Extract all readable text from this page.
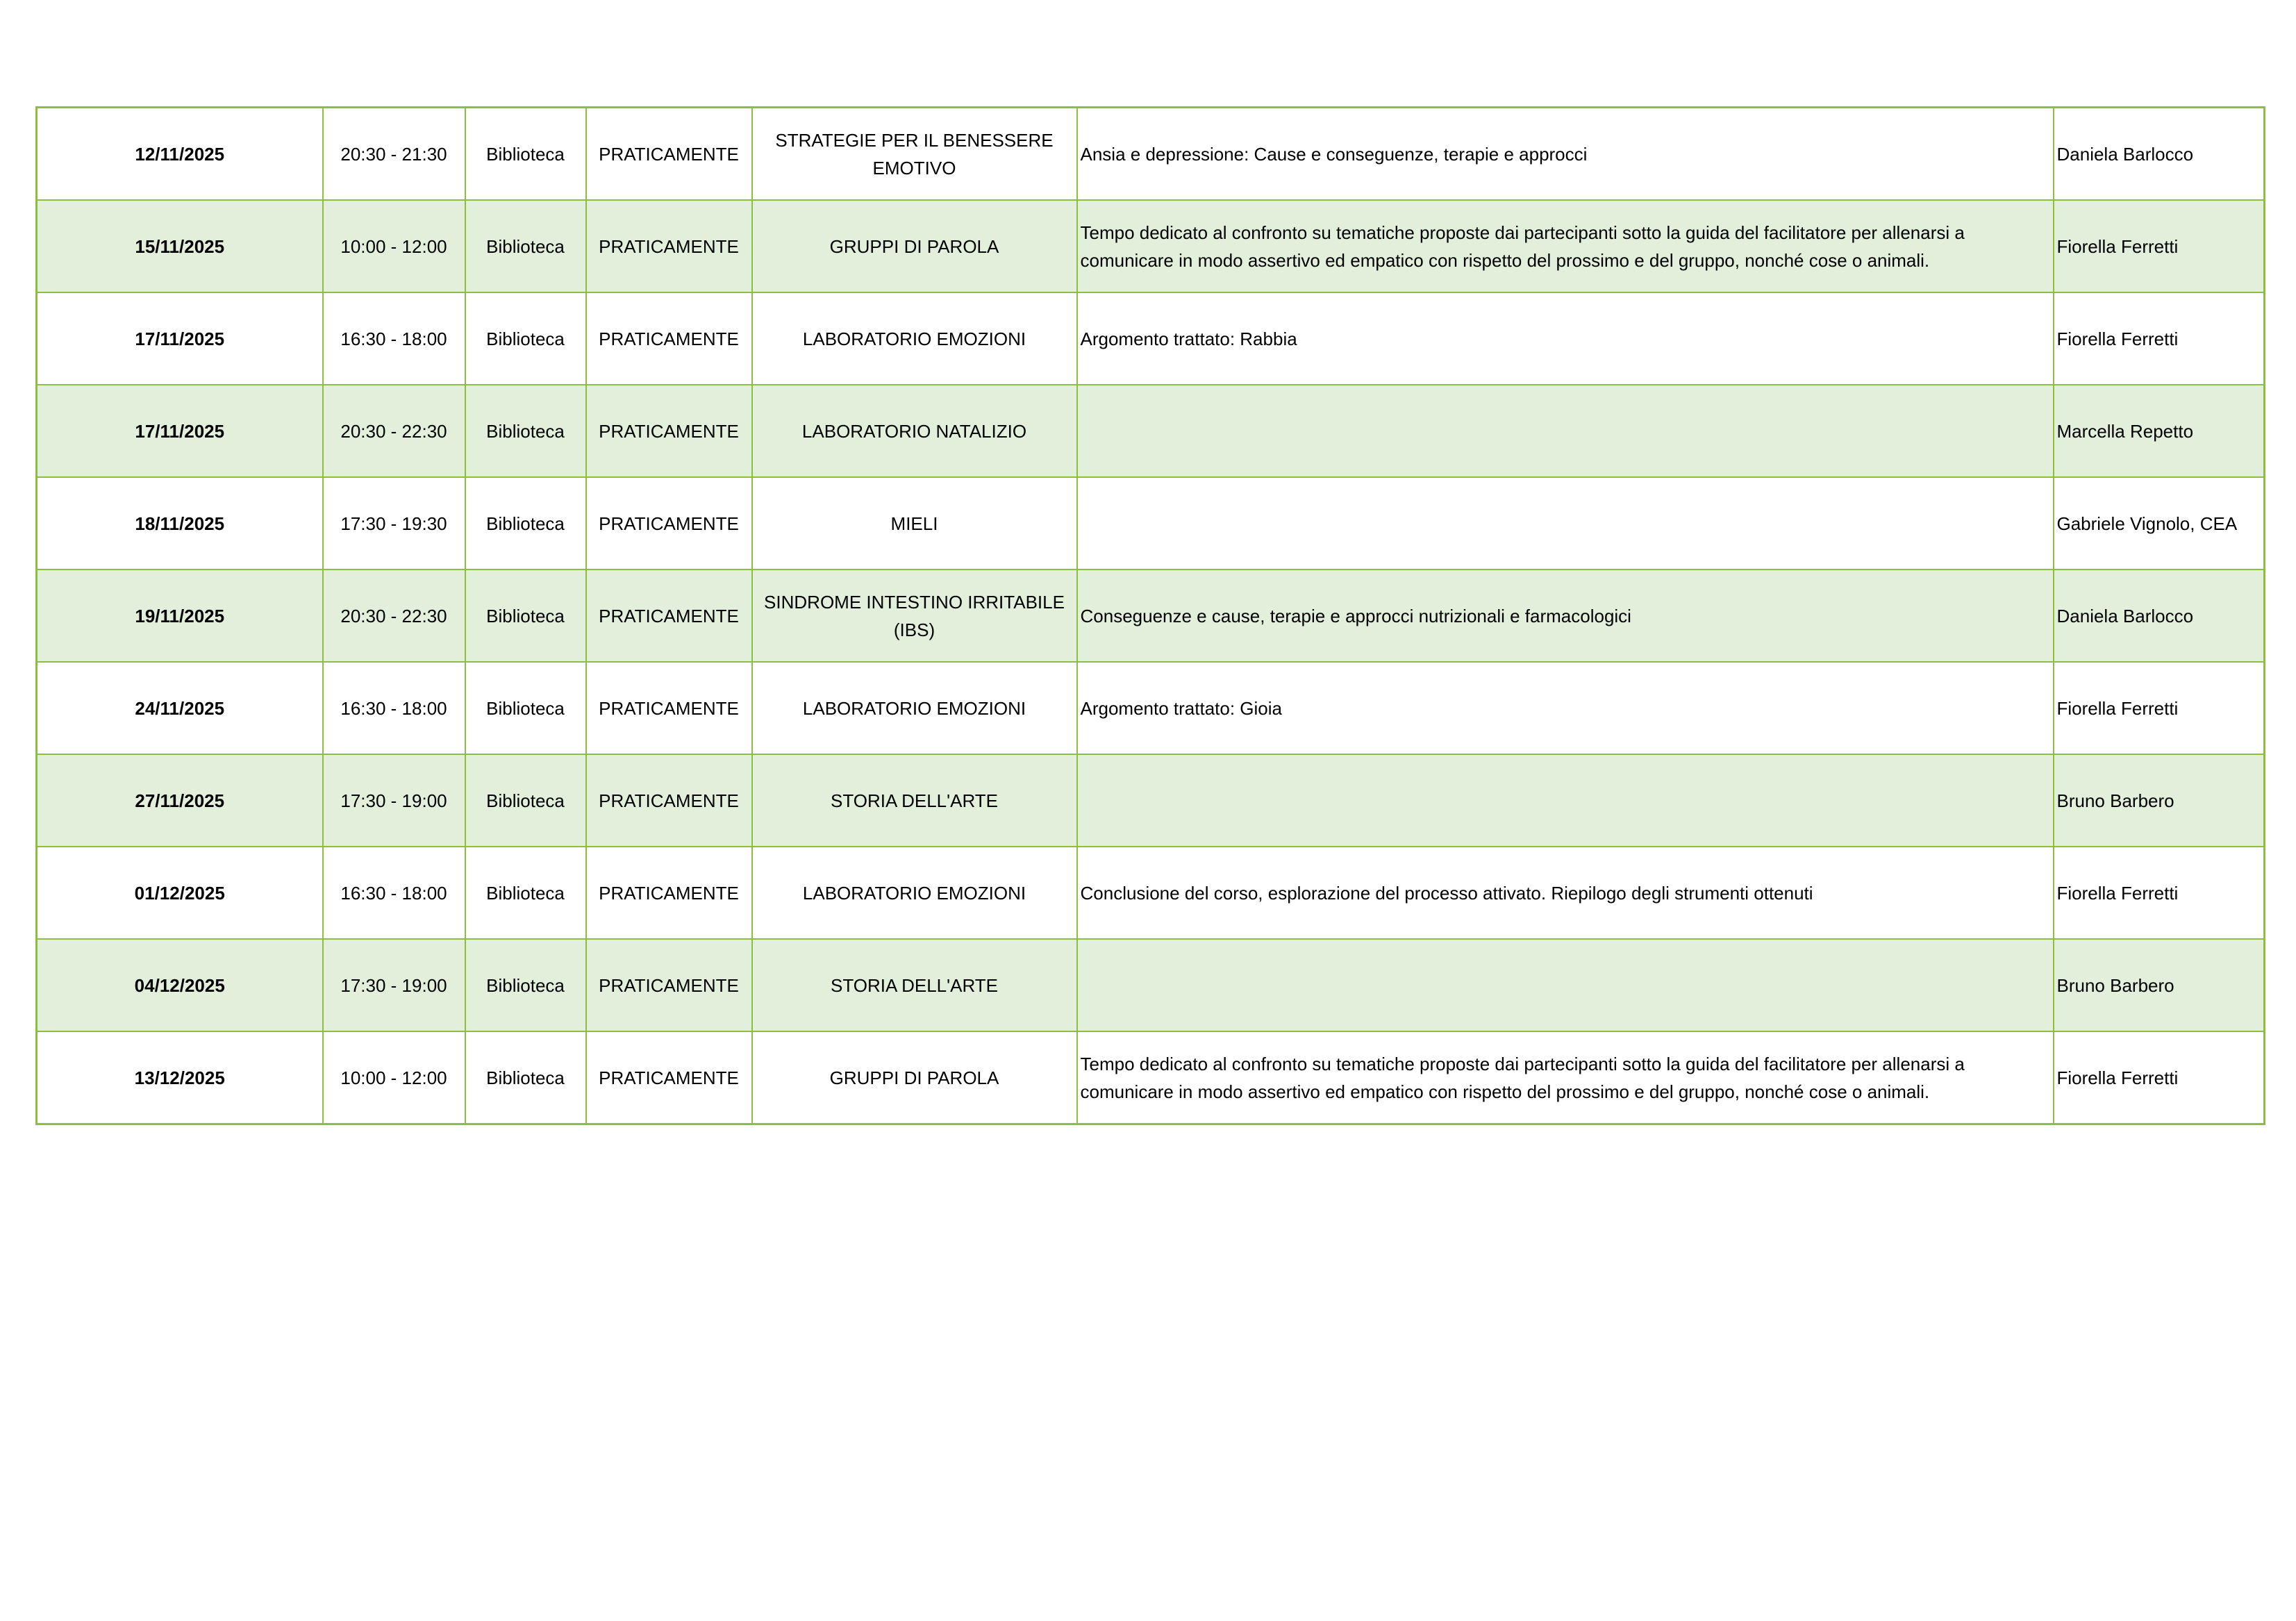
12/11/2025	20:30 - 21:30	Biblioteca	PRATICAMENTE	STRATEGIE PER IL BENESSERE EMOTIVO	Ansia e depressione: Cause e conseguenze, terapie e approcci	Daniela Barlocco
15/11/2025	10:00 - 12:00	Biblioteca	PRATICAMENTE	GRUPPI DI PAROLA	Tempo dedicato al confronto su tematiche proposte dai partecipanti sotto la guida del facilitatore per allenarsi a comunicare in modo assertivo ed empatico con rispetto del prossimo e del gruppo, nonché cose o animali.	Fiorella Ferretti
17/11/2025	16:30 - 18:00	Biblioteca	PRATICAMENTE	LABORATORIO EMOZIONI	Argomento trattato: Rabbia	Fiorella Ferretti
17/11/2025	20:30 - 22:30	Biblioteca	PRATICAMENTE	LABORATORIO NATALIZIO		Marcella Repetto
18/11/2025	17:30 - 19:30	Biblioteca	PRATICAMENTE	MIELI		Gabriele Vignolo, CEA
19/11/2025	20:30 - 22:30	Biblioteca	PRATICAMENTE	SINDROME INTESTINO IRRITABILE (IBS)	Conseguenze e cause, terapie e approcci nutrizionali e farmacologici	Daniela Barlocco
24/11/2025	16:30 - 18:00	Biblioteca	PRATICAMENTE	LABORATORIO EMOZIONI	Argomento trattato: Gioia	Fiorella Ferretti
27/11/2025	17:30 - 19:00	Biblioteca	PRATICAMENTE	STORIA DELL'ARTE		Bruno Barbero
01/12/2025	16:30 - 18:00	Biblioteca	PRATICAMENTE	LABORATORIO EMOZIONI	Conclusione del corso, esplorazione del processo attivato. Riepilogo degli strumenti ottenuti	Fiorella Ferretti
04/12/2025	17:30 - 19:00	Biblioteca	PRATICAMENTE	STORIA DELL'ARTE		Bruno Barbero
13/12/2025	10:00 - 12:00	Biblioteca	PRATICAMENTE	GRUPPI DI PAROLA	Tempo dedicato al confronto su tematiche proposte dai partecipanti sotto la guida del facilitatore per allenarsi a comunicare in modo assertivo ed empatico con rispetto del prossimo e del gruppo, nonché cose o animali.	Fiorella Ferretti
